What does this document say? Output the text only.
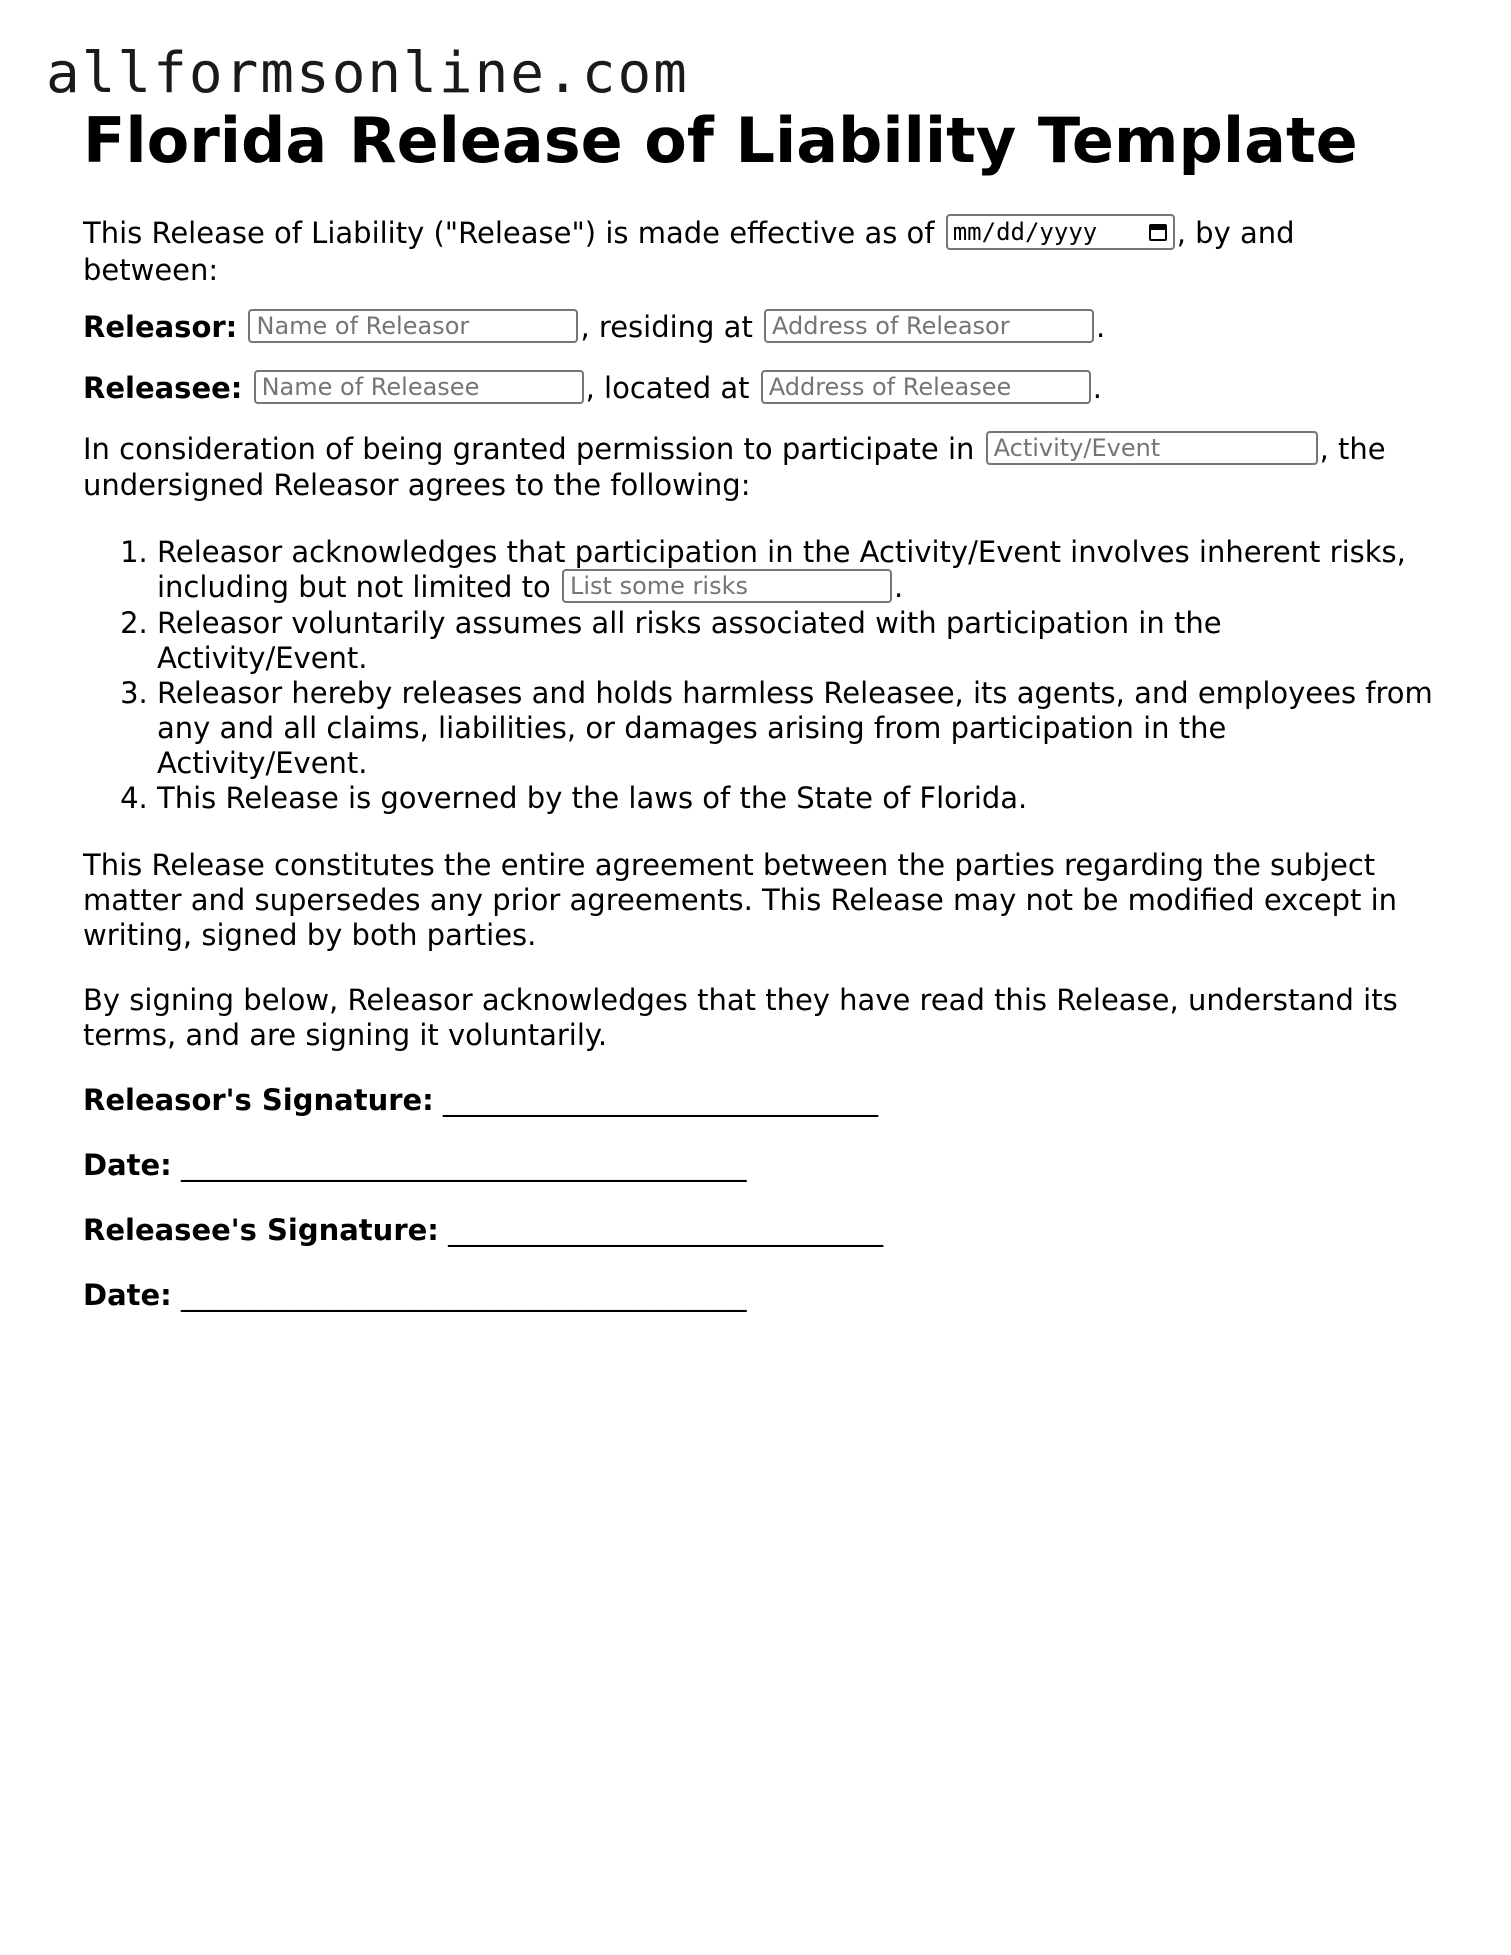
allformsonline.com
Florida Release of Liability Template

This Release of Liability ("Release") is made effective as of mm/dd/yyyy	, by and between:

Releasor: Name of Releasor	, residing at Address of Releasor	.

Releasee: Name of Releasee	, located at Address of Releasee	.

In consideration of being granted permission to participate in Activity/Event	, the undersigned Releasor agrees to the following:

1. Releasor acknowledges that participation in the Activity/Event involves inherent risks, including but not limited to List some risks	.
2. Releasor voluntarily assumes all risks associated with participation in the Activity/Event.
3. Releasor hereby releases and holds harmless Releasee, its agents, and employees from any and all claims, liabilities, or damages arising from participation in the Activity/Event.
4. This Release is governed by the laws of the State of Florida.

This Release constitutes the entire agreement between the parties regarding the subject matter and supersedes any prior agreements. This Release may not be modified except in writing, signed by both parties.

By signing below, Releasor acknowledges that they have read this Release, understand its terms, and are signing it voluntarily.

Releasor's Signature: ______________________________

Date: _______________________________________

Releasee's Signature: ______________________________

Date: _______________________________________
